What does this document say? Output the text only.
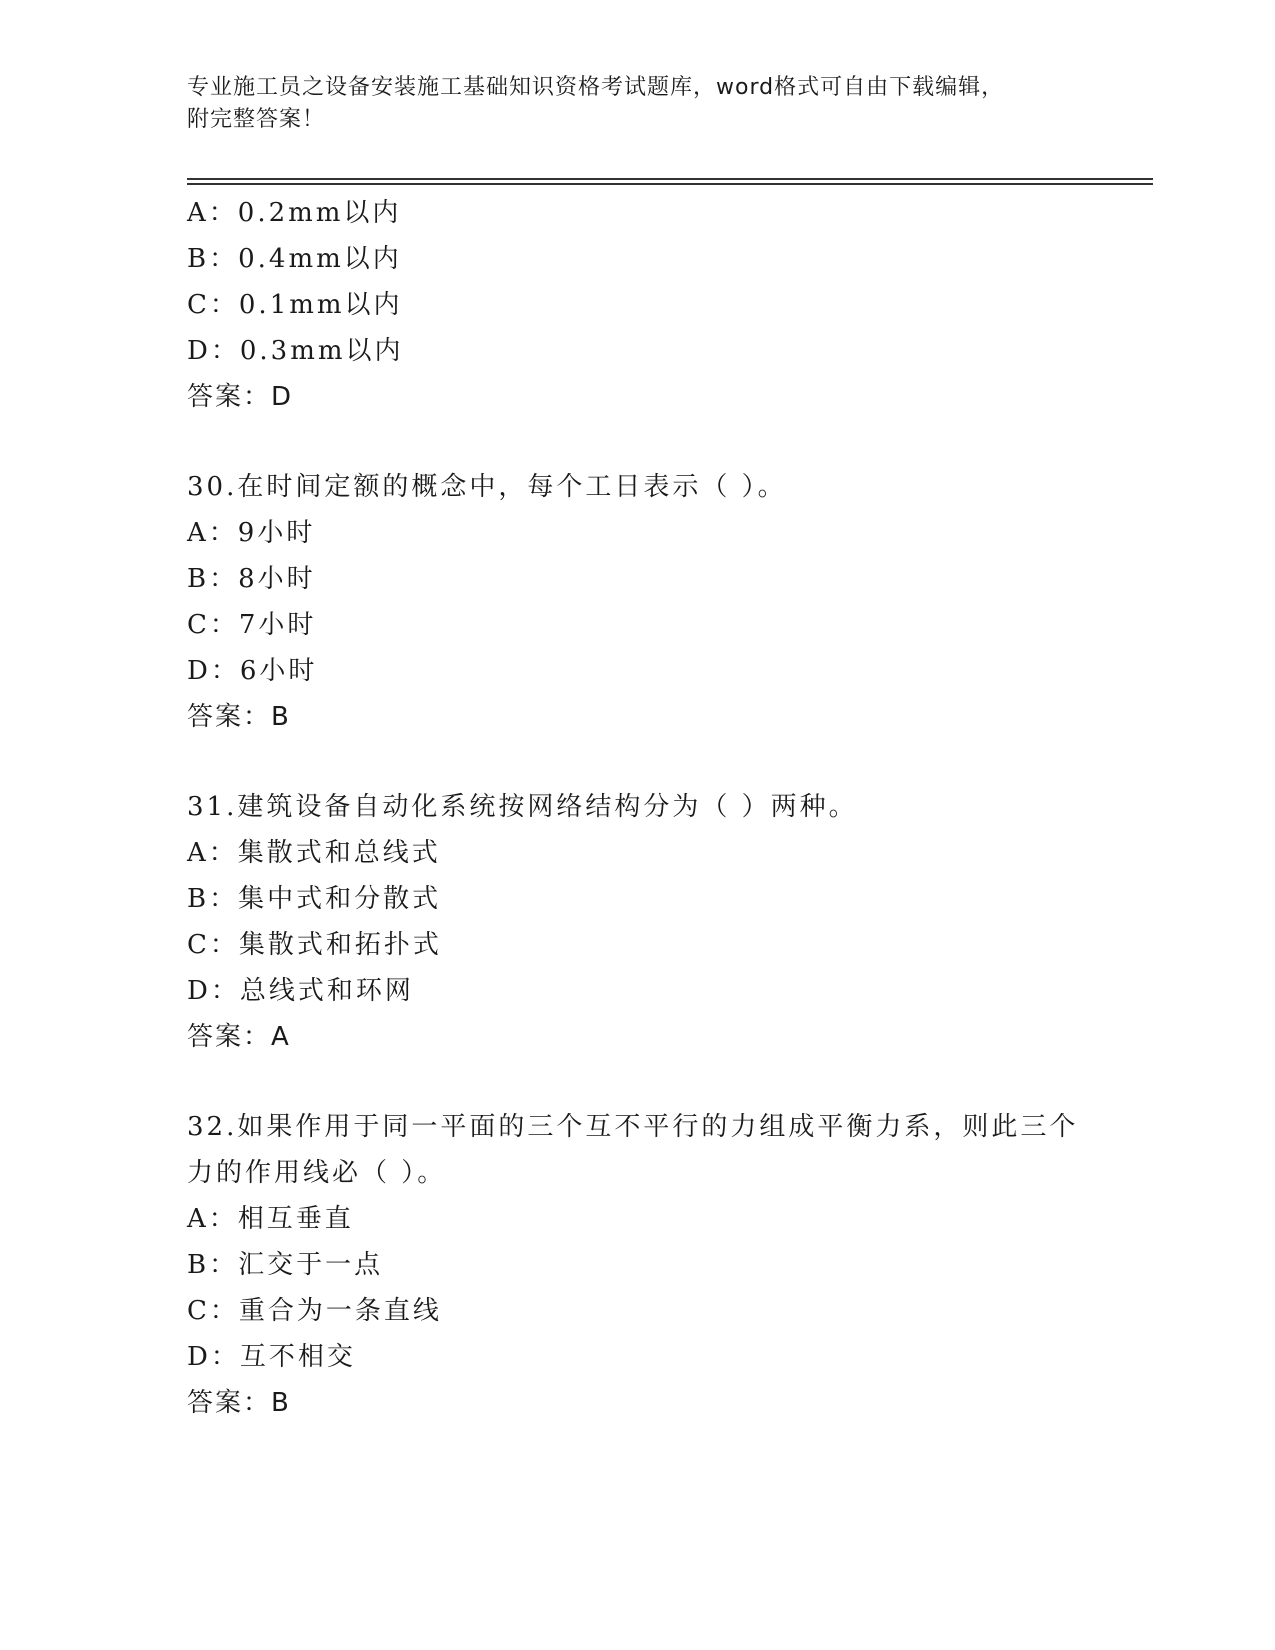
专业施工员之设备安装施工基础知识资格考试题库，word格式可自由下载编辑，
附完整答案！
A：0.2mm以内
B：0.4mm以内
C：0.1mm以内
D：0.3mm以内
答案：D
30.在时间定额的概念中，每个工日表示（ ）。
A：9小时
B：8小时
C：7小时
D：6小时
答案：B
31.建筑设备自动化系统按网络结构分为（ ）两种。
A：集散式和总线式
B：集中式和分散式
C：集散式和拓扑式
D：总线式和环网
答案：A
32.如果作用于同一平面的三个互不平行的力组成平衡力系，则此三个
力的作用线必（ ）。
A：相互垂直
B：汇交于一点
C：重合为一条直线
D：互不相交
答案：B
